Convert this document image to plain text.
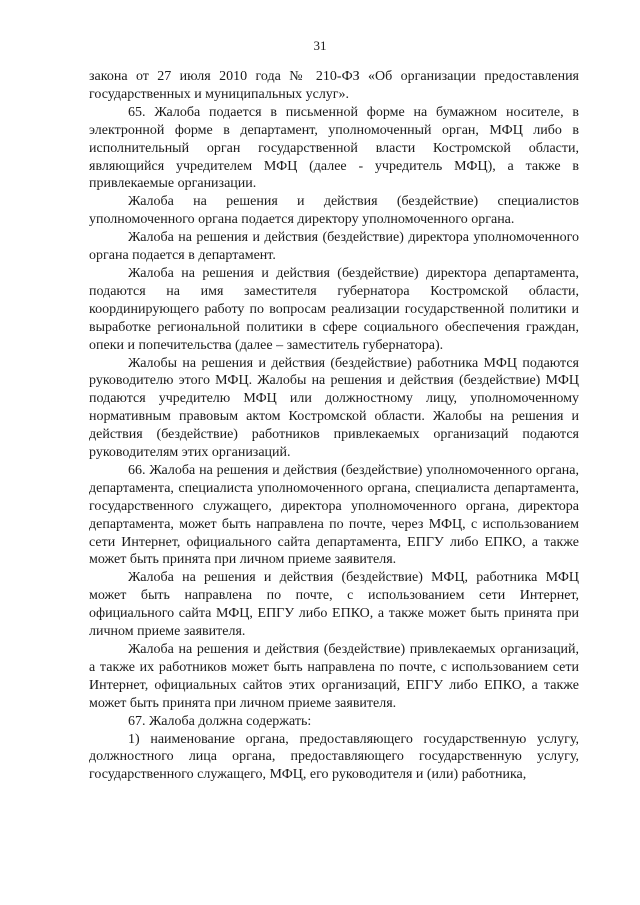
31

закона от 27 июля 2010 года № 210-ФЗ «Об организации предоставления государственных и муниципальных услуг».

65. Жалоба подается в письменной форме на бумажном носителе, в электронной форме в департамент, уполномоченный орган, МФЦ либо в исполнительный орган государственной власти Костромской области, являющийся учредителем МФЦ (далее - учредитель МФЦ), а также в привлекаемые организации.

Жалоба на решения и действия (бездействие) специалистов уполномоченного органа подается директору уполномоченного органа.

Жалоба на решения и действия (бездействие) директора уполномоченного органа подается в департамент.

Жалоба на решения и действия (бездействие) директора департамента, подаются на имя заместителя губернатора Костромской области, координирующего работу по вопросам реализации государственной политики и выработке региональной политики в сфере социального обеспечения граждан, опеки и попечительства (далее – заместитель губернатора).

Жалобы на решения и действия (бездействие) работника МФЦ подаются руководителю этого МФЦ. Жалобы на решения и действия (бездействие) МФЦ подаются учредителю МФЦ или должностному лицу, уполномоченному нормативным правовым актом Костромской области. Жалобы на решения и действия (бездействие) работников привлекаемых организаций подаются руководителям этих организаций.

66. Жалоба на решения и действия (бездействие) уполномоченного органа, департамента, специалиста уполномоченного органа, специалиста департамента, государственного служащего, директора уполномоченного органа, директора департамента, может быть направлена по почте, через МФЦ, с использованием сети Интернет, официального сайта департамента, ЕПГУ либо ЕПКО, а также может быть принята при личном приеме заявителя.

Жалоба на решения и действия (бездействие) МФЦ, работника МФЦ может быть направлена по почте, с использованием сети Интернет, официального сайта МФЦ, ЕПГУ либо ЕПКО, а также может быть принята при личном приеме заявителя.

Жалоба на решения и действия (бездействие) привлекаемых организаций, а также их работников может быть направлена по почте, с использованием сети Интернет, официальных сайтов этих организаций, ЕПГУ либо ЕПКО, а также может быть принята при личном приеме заявителя.

67. Жалоба должна содержать:

1) наименование органа, предоставляющего государственную услугу, должностного лица органа, предоставляющего государственную услугу, государственного служащего, МФЦ, его руководителя и (или) работника,
